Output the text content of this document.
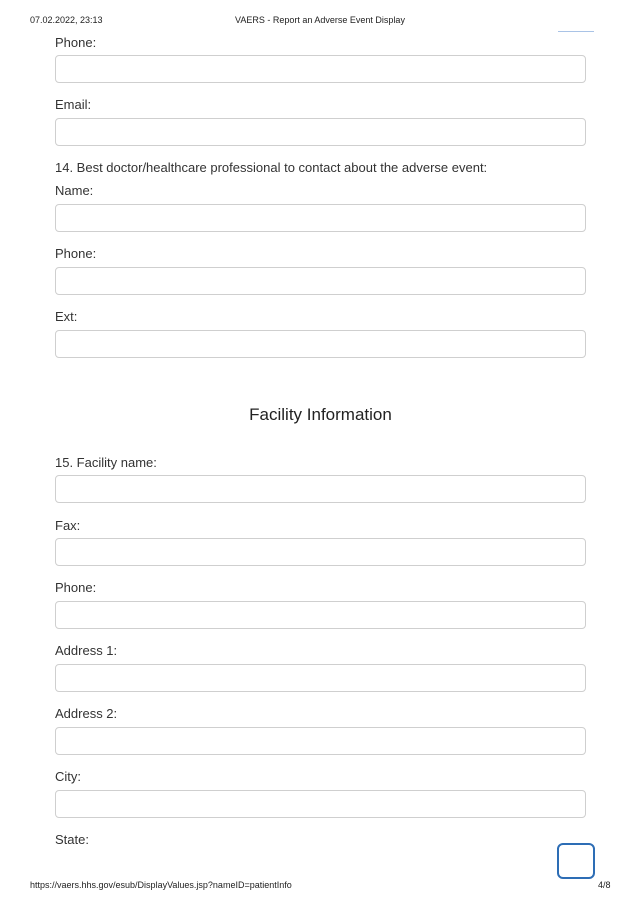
07.02.2022, 23:13	VAERS - Report an Adverse Event Display
Phone:
Email:
14. Best doctor/healthcare professional to contact about the adverse event:
Name:
Phone:
Ext:
Facility Information
15. Facility name:
Fax:
Phone:
Address 1:
Address 2:
City:
State:
https://vaers.hhs.gov/esub/DisplayValues.jsp?nameID=patientInfo	4/8
